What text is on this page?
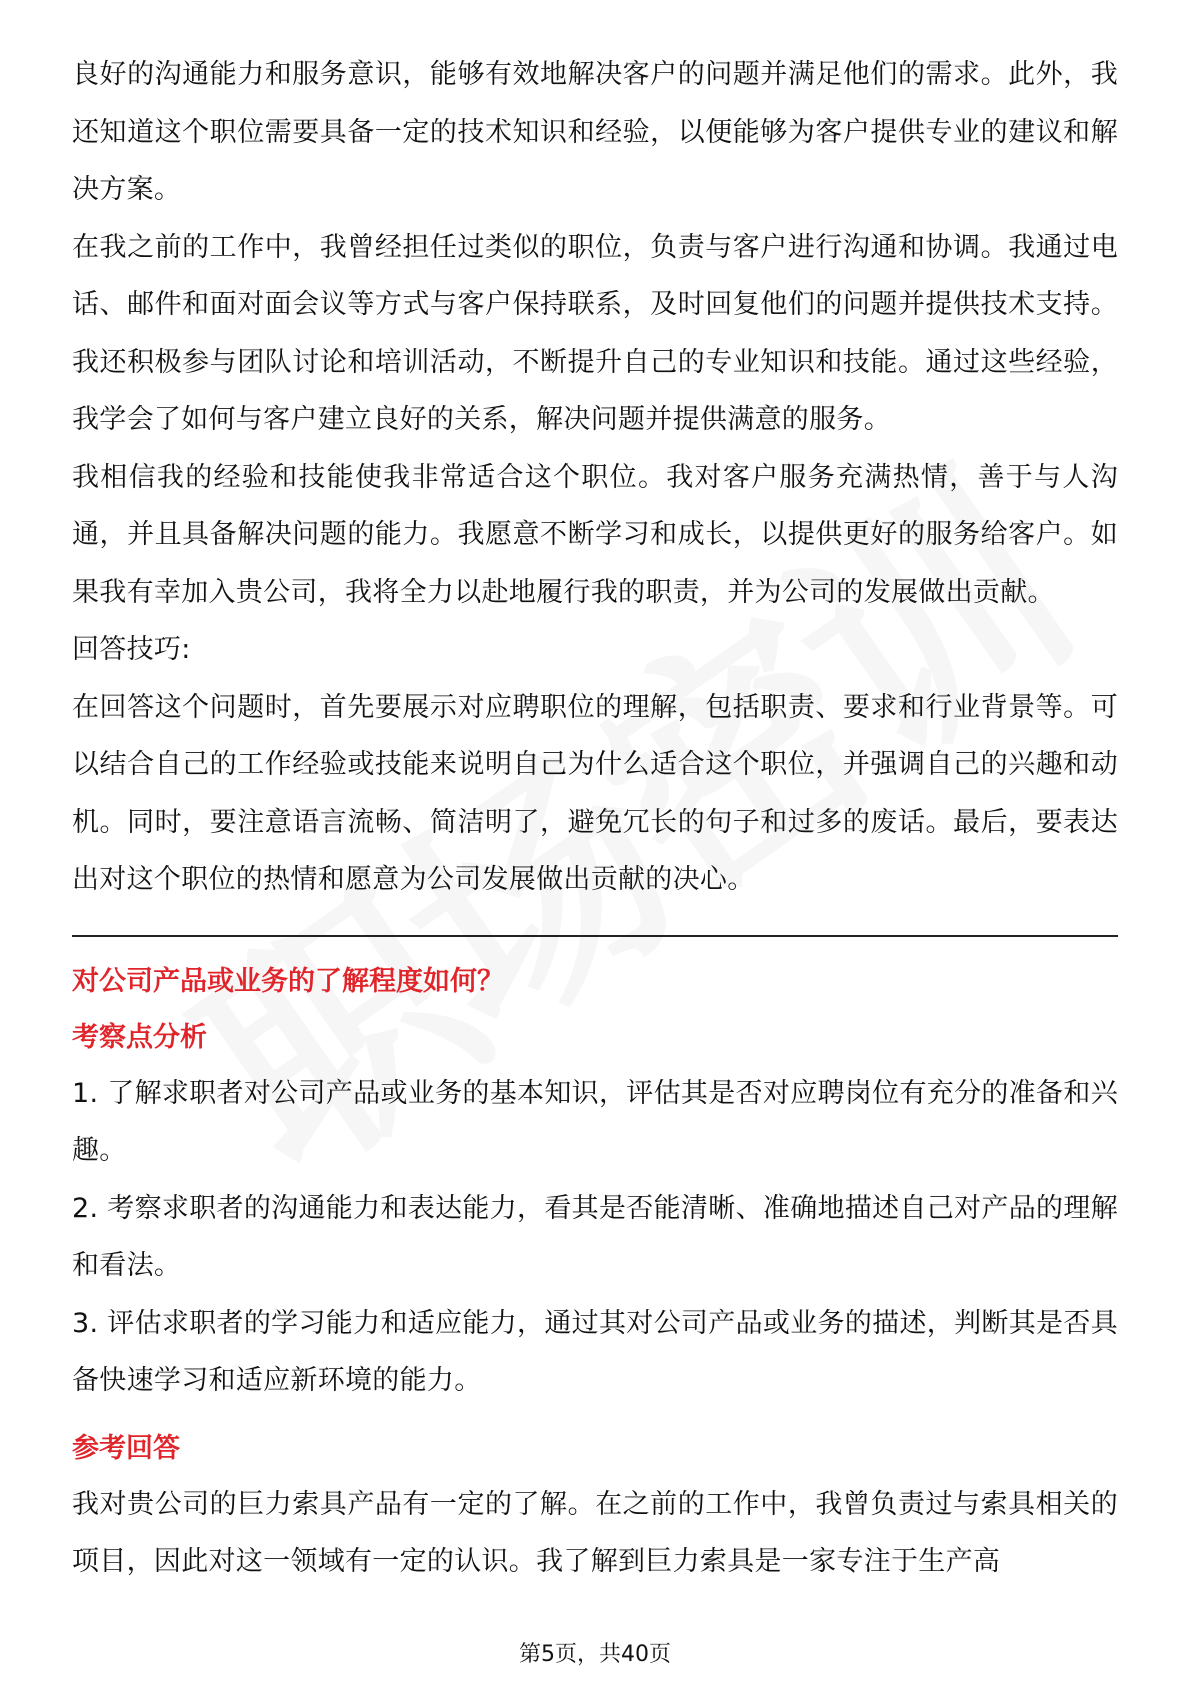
良好的沟通能力和服务意识，能够有效地解决客户的问题并满足他们的需求。此外，我还知道这个职位需要具备一定的技术知识和经验，以便能够为客户提供专业的建议和解决方案。

在我之前的工作中，我曾经担任过类似的职位，负责与客户进行沟通和协调。我通过电话、邮件和面对面会议等方式与客户保持联系，及时回复他们的问题并提供技术支持。我还积极参与团队讨论和培训活动，不断提升自己的专业知识和技能。通过这些经验，我学会了如何与客户建立良好的关系，解决问题并提供满意的服务。

我相信我的经验和技能使我非常适合这个职位。我对客户服务充满热情，善于与人沟通，并且具备解决问题的能力。我愿意不断学习和成长，以提供更好的服务给客户。如果我有幸加入贵公司，我将全力以赴地履行我的职责，并为公司的发展做出贡献。

回答技巧:

在回答这个问题时，首先要展示对应聘职位的理解，包括职责、要求和行业背景等。可以结合自己的工作经验或技能来说明自己为什么适合这个职位，并强调自己的兴趣和动机。同时，要注意语言流畅、简洁明了，避免冗长的句子和过多的废话。最后，要表达出对这个职位的热情和愿意为公司发展做出贡献的决心。

对公司产品或业务的了解程度如何？
考察点分析

1. 了解求职者对公司产品或业务的基本知识，评估其是否对应聘岗位有充分的准备和兴趣。

2. 考察求职者的沟通能力和表达能力，看其是否能清晰、准确地描述自己对产品的理解和看法。

3. 评估求职者的学习能力和适应能力，通过其对公司产品或业务的描述，判断其是否具备快速学习和适应新环境的能力。

参考回答

我对贵公司的巨力索具产品有一定的了解。在之前的工作中，我曾负责过与索具相关的项目，因此对这一领域有一定的认识。我了解到巨力索具是一家专注于生产高

第5页，共40页
